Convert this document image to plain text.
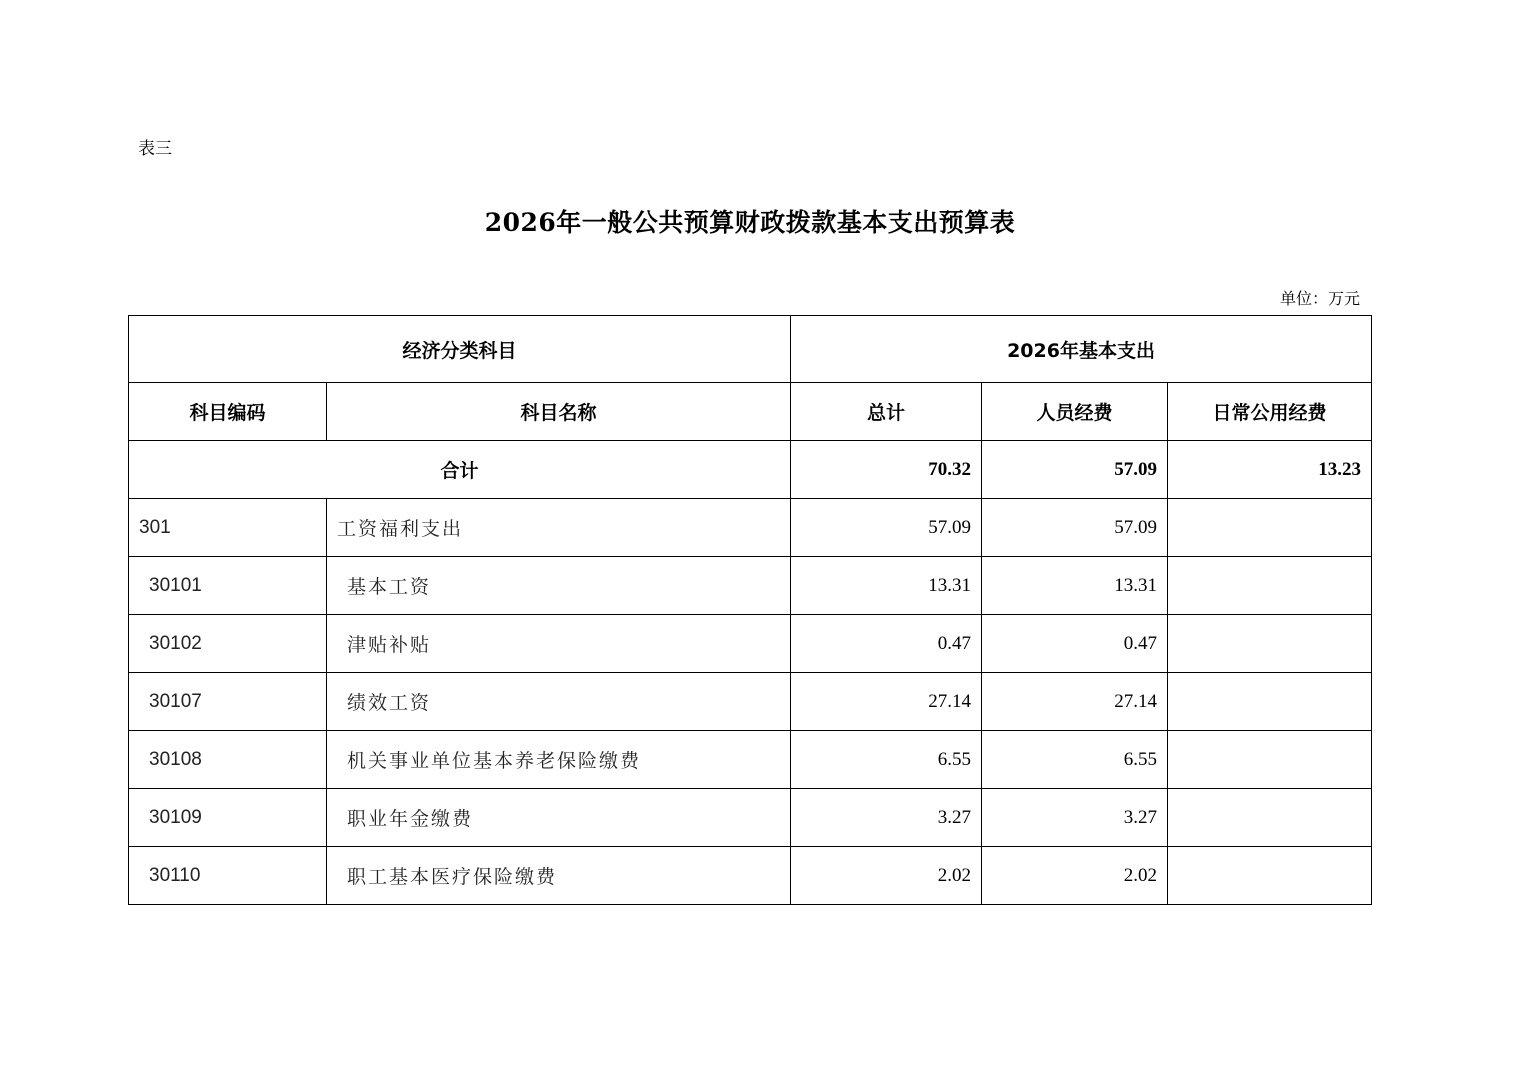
表三
2026年一般公共预算财政拨款基本支出预算表
单位：万元
经济分类科目		2026年基本支出		
科目编码	科目名称	总计	人员经费	日常公用经费
合计		70.32	57.09	13.23
301	工资福利支出	57.09	57.09	
30101	基本工资	13.31	13.31	
30102	津贴补贴	0.47	0.47	
30107	绩效工资	27.14	27.14	
30108	机关事业单位基本养老保险缴费	6.55	6.55	
30109	职业年金缴费	3.27	3.27	
30110	职工基本医疗保险缴费	2.02	2.02	
